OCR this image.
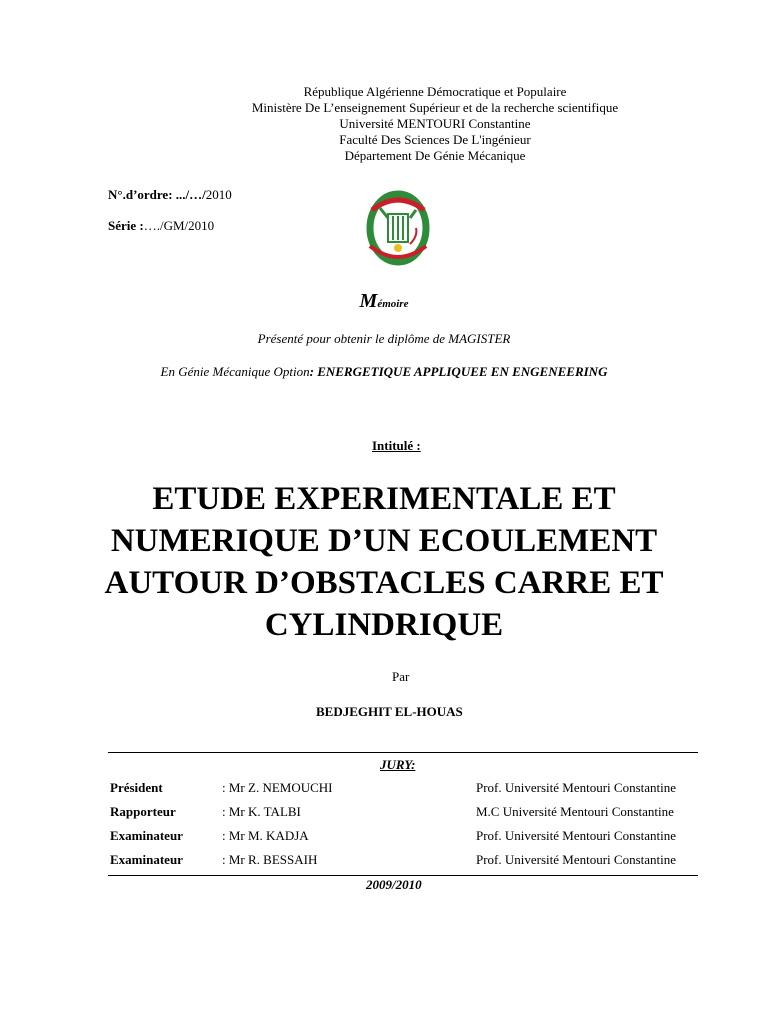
République Algérienne Démocratique et Populaire
Ministère De L’enseignement Supérieur et de la recherche scientifique
Université MENTOURI Constantine
Faculté Des Sciences De L'ingénieur
Département De Génie Mécanique
N°.d’ordre: .../…/2010
Série :…./GM/2010
Mémoire
Présenté pour obtenir le diplôme de MAGISTER
En Génie Mécanique Option: ENERGETIQUE APPLIQUEE EN ENGENEERING
Intitulé :
ETUDE EXPERIMENTALE ET
NUMERIQUE D’UN ECOULEMENT
AUTOUR D’OBSTACLES CARRE ET
CYLINDRIQUE
Par
BEDJEGHIT EL-HOUAS
JURY:
Président	: Mr Z. NEMOUCHI	Prof. Université Mentouri Constantine
Rapporteur	: Mr K. TALBI	M.C Université Mentouri Constantine
Examinateur	: Mr M. KADJA	Prof. Université Mentouri Constantine
Examinateur	: Mr R. BESSAIH	Prof. Université Mentouri Constantine
2009/2010
